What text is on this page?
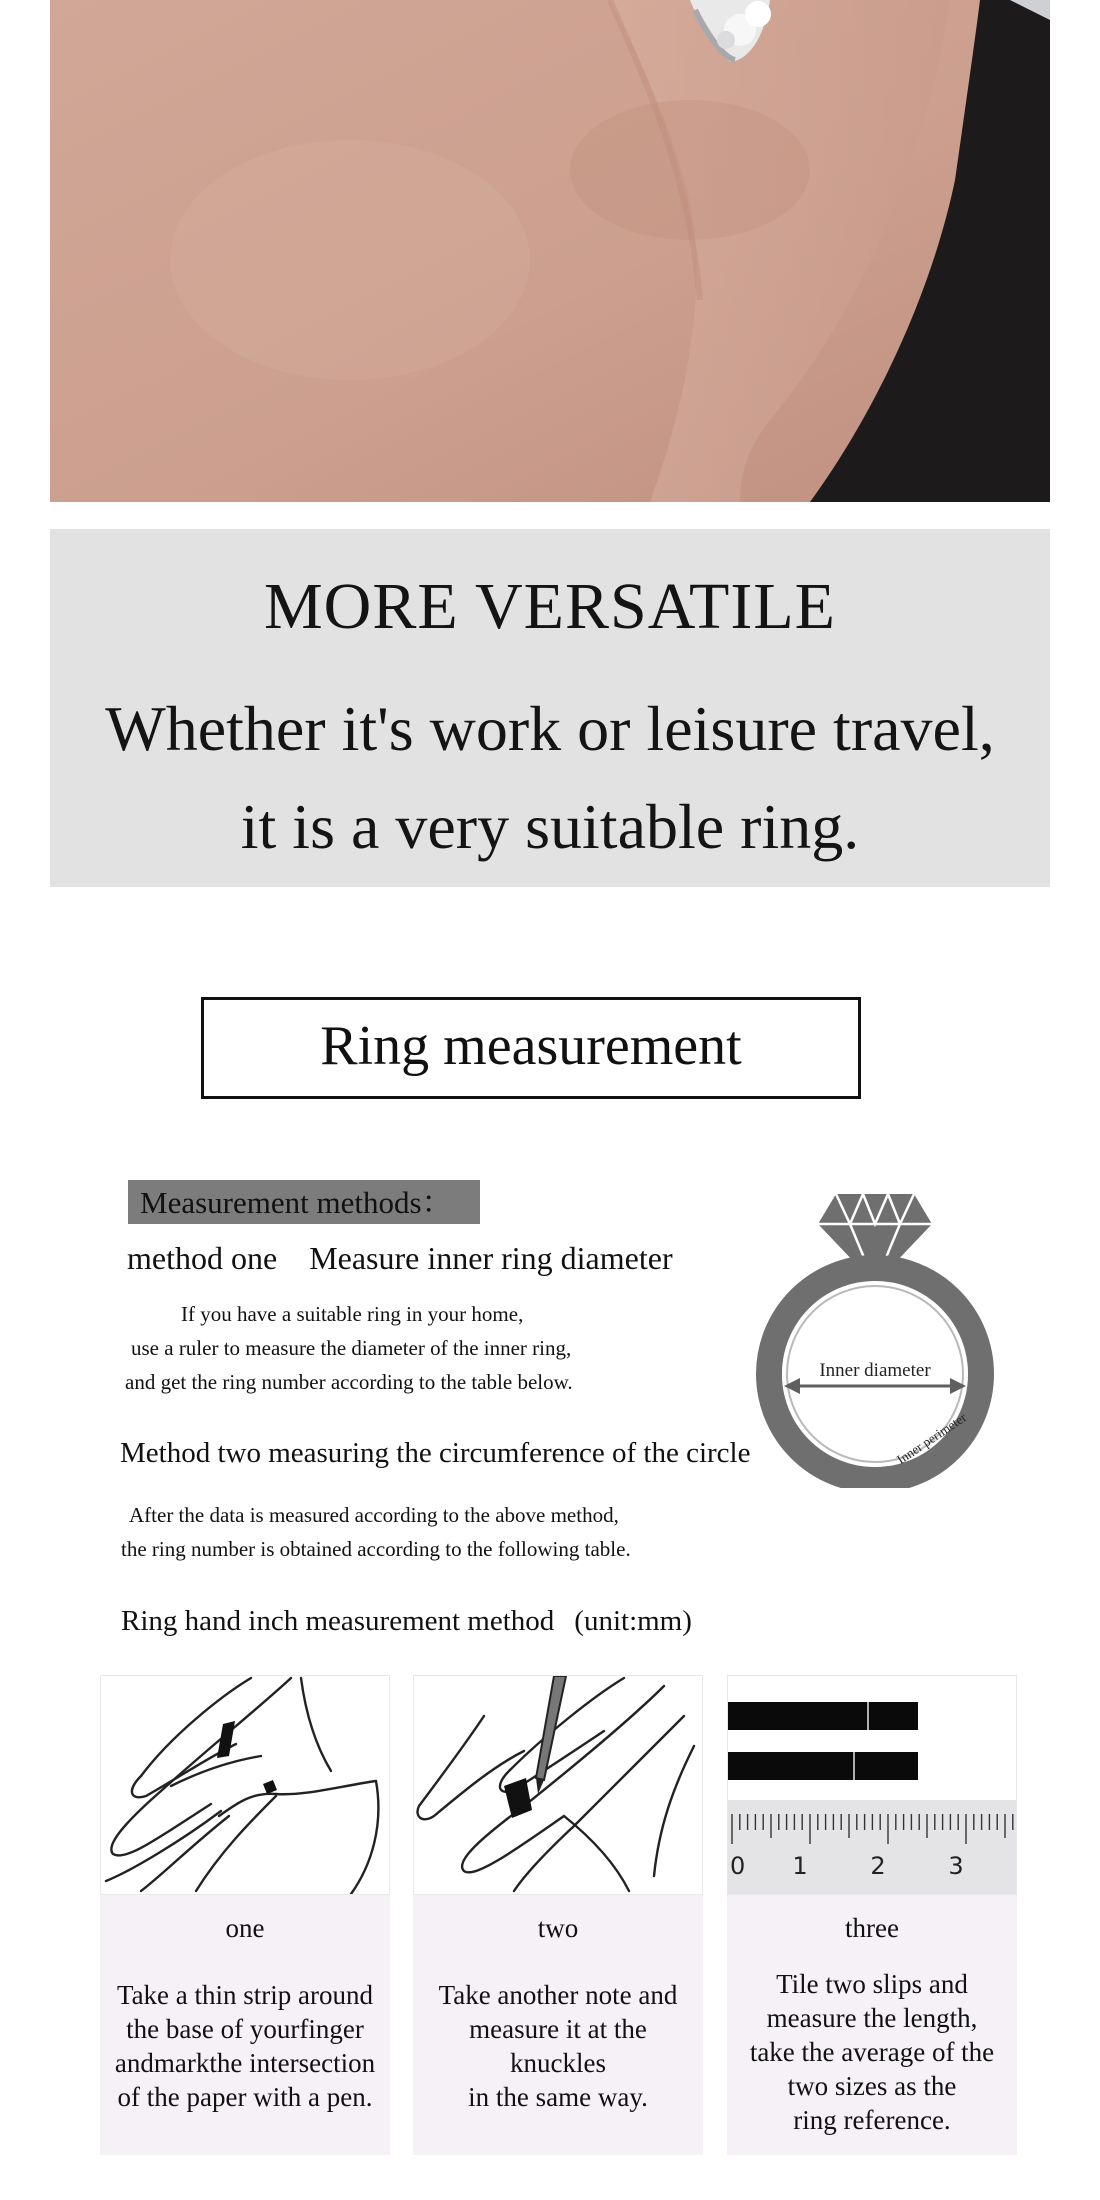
MORE VERSATILE
Whether it's work or leisure travel,
it is a very suitable ring.
Ring measurement
Measurement methods：
method one Measure inner ring diameter
If you have a suitable ring in your home,
use a ruler to measure the diameter of the inner ring,
and get the ring number according to the table below.
Method two measuring the circumference of the circle
After the data is measured according to the above method,
the ring number is obtained according to the following table.
Ring hand inch measurement method (unit:mm)
Inner diameter
Inner perimeter
one
Take a thin strip around
the base of yourfinger
andmarkthe intersection
of the paper with a pen.
two
Take another note and
measure it at the
knuckles
in the same way.
0 1	2	3
three
Tile two slips and
measure the length,
take the average of the
two sizes as the
ring reference.
